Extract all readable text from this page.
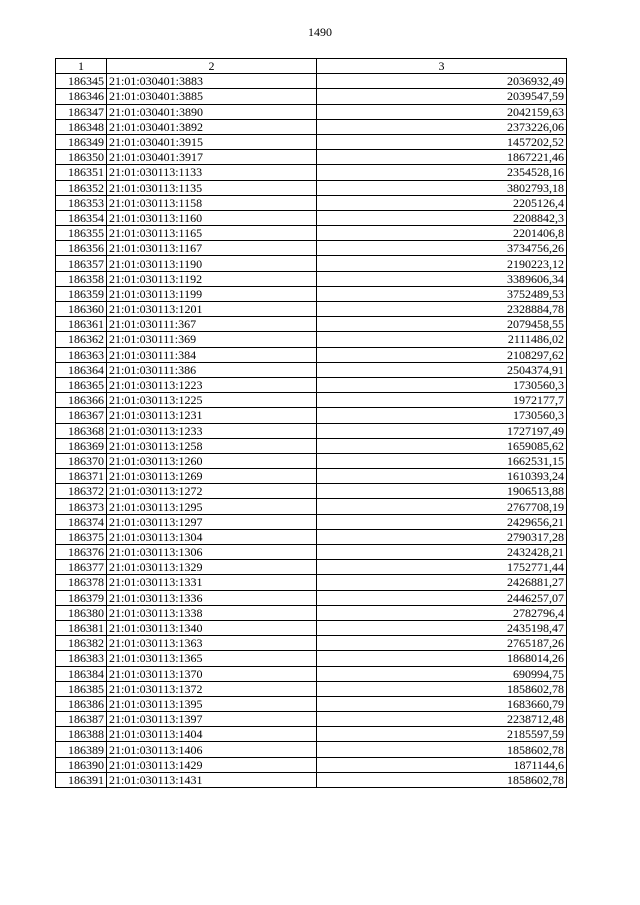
1490
1	2	3
186345	21:01:030401:3883	2036932,49
186346	21:01:030401:3885	2039547,59
186347	21:01:030401:3890	2042159,63
186348	21:01:030401:3892	2373226,06
186349	21:01:030401:3915	1457202,52
186350	21:01:030401:3917	1867221,46
186351	21:01:030113:1133	2354528,16
186352	21:01:030113:1135	3802793,18
186353	21:01:030113:1158	2205126,4
186354	21:01:030113:1160	2208842,3
186355	21:01:030113:1165	2201406,8
186356	21:01:030113:1167	3734756,26
186357	21:01:030113:1190	2190223,12
186358	21:01:030113:1192	3389606,34
186359	21:01:030113:1199	3752489,53
186360	21:01:030113:1201	2328884,78
186361	21:01:030111:367	2079458,55
186362	21:01:030111:369	2111486,02
186363	21:01:030111:384	2108297,62
186364	21:01:030111:386	2504374,91
186365	21:01:030113:1223	1730560,3
186366	21:01:030113:1225	1972177,7
186367	21:01:030113:1231	1730560,3
186368	21:01:030113:1233	1727197,49
186369	21:01:030113:1258	1659085,62
186370	21:01:030113:1260	1662531,15
186371	21:01:030113:1269	1610393,24
186372	21:01:030113:1272	1906513,88
186373	21:01:030113:1295	2767708,19
186374	21:01:030113:1297	2429656,21
186375	21:01:030113:1304	2790317,28
186376	21:01:030113:1306	2432428,21
186377	21:01:030113:1329	1752771,44
186378	21:01:030113:1331	2426881,27
186379	21:01:030113:1336	2446257,07
186380	21:01:030113:1338	2782796,4
186381	21:01:030113:1340	2435198,47
186382	21:01:030113:1363	2765187,26
186383	21:01:030113:1365	1868014,26
186384	21:01:030113:1370	690994,75
186385	21:01:030113:1372	1858602,78
186386	21:01:030113:1395	1683660,79
186387	21:01:030113:1397	2238712,48
186388	21:01:030113:1404	2185597,59
186389	21:01:030113:1406	1858602,78
186390	21:01:030113:1429	1871144,6
186391	21:01:030113:1431	1858602,78
